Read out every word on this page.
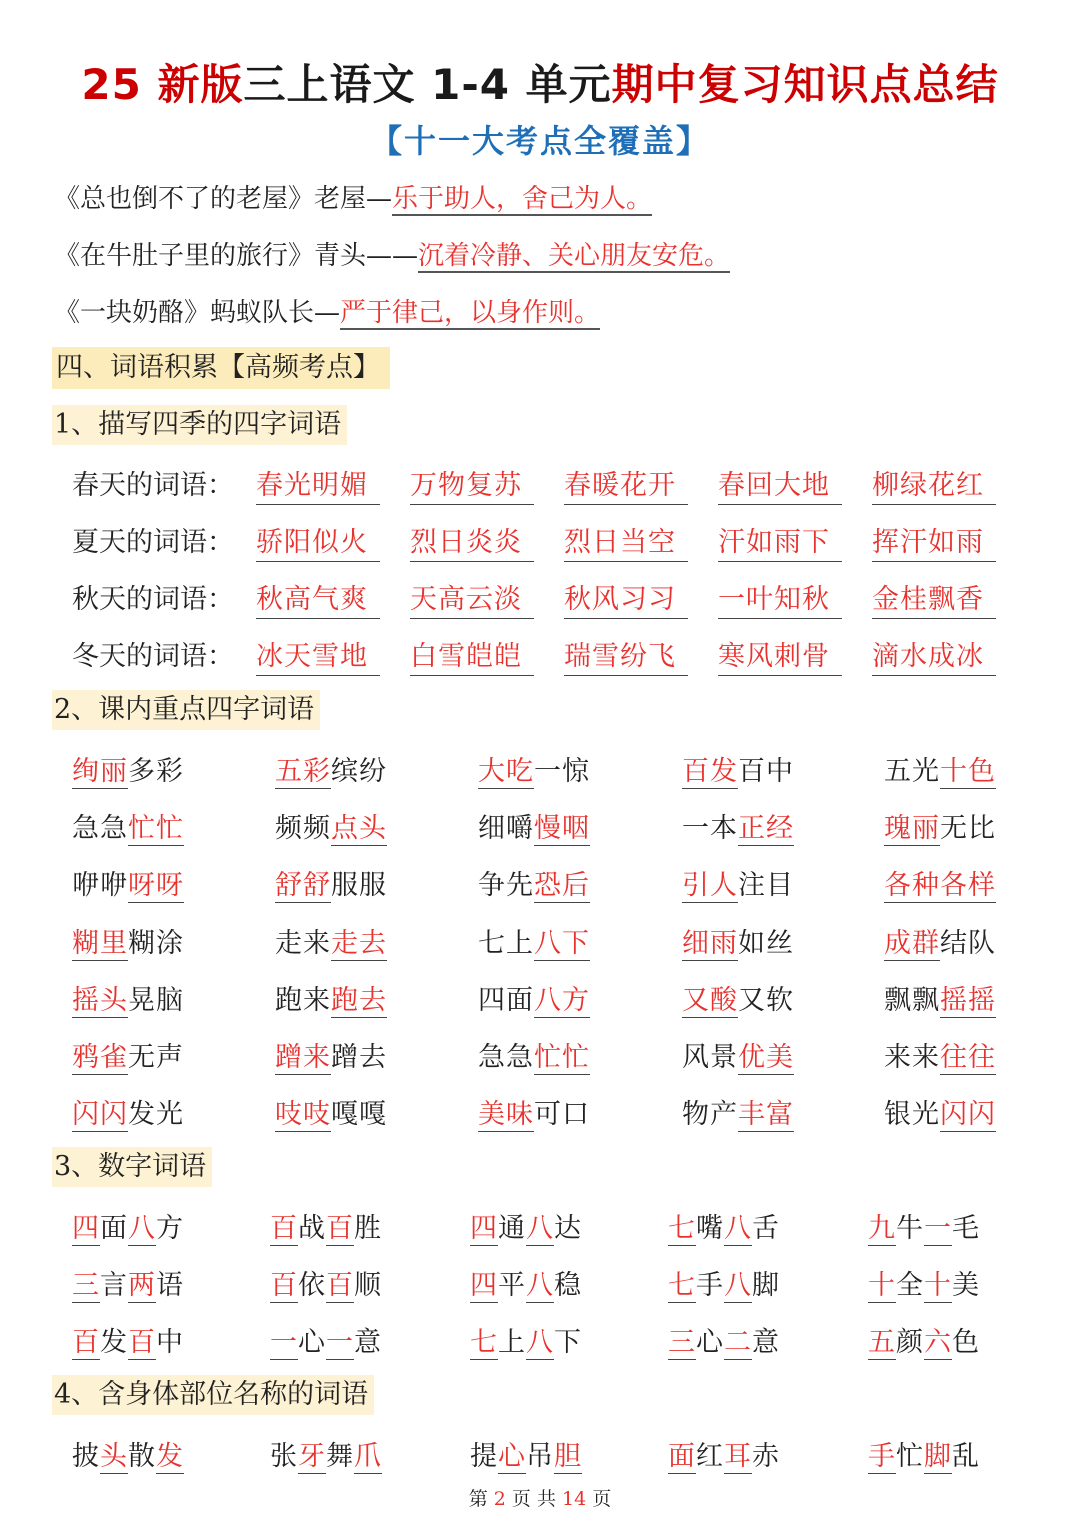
25 新版三上语文 1-4 单元期中复习知识点总结
【十一大考点全覆盖】
《总也倒不了的老屋》老屋—乐于助人，舍己为人。
《在牛肚子里的旅行》青头——沉着冷静、关心朋友安危。
《一块奶酪》蚂蚁队长—严于律己，以身作则。
四、词语积累【高频考点】
1、描写四季的四字词语
春天的词语： 春光明媚	万物复苏	春暖花开	春回大地	柳绿花红
夏天的词语： 骄阳似火	烈日炎炎	烈日当空	汗如雨下	挥汗如雨
秋天的词语： 秋高气爽	天高云淡	秋风习习	一叶知秋	金桂飘香
冬天的词语： 冰天雪地	白雪皑皑	瑞雪纷飞	寒风刺骨	滴水成冰
2、课内重点四字词语
绚丽多彩	五彩缤纷	大吃一惊	百发百中	五光十色
急急忙忙	频频点头	细嚼慢咽	一本正经	瑰丽无比
咿咿呀呀	舒舒服服	争先恐后	引人注目	各种各样
糊里糊涂	走来走去	七上八下	细雨如丝	成群结队
摇头晃脑	跑来跑去	四面八方	又酸又软	飘飘摇摇
鸦雀无声	蹭来蹭去	急急忙忙	风景优美	来来往往
闪闪发光	吱吱嘎嘎	美味可口	物产丰富	银光闪闪
3、数字词语
四面八方	百战百胜	四通八达	七嘴八舌	九牛一毛
三言两语	百依百顺	四平八稳	七手八脚	十全十美
百发百中	一心一意	七上八下	三心二意	五颜六色
4、含身体部位名称的词语
披头散发	张牙舞爪	提心吊胆	面红耳赤	手忙脚乱
第 2 页 共 14 页
